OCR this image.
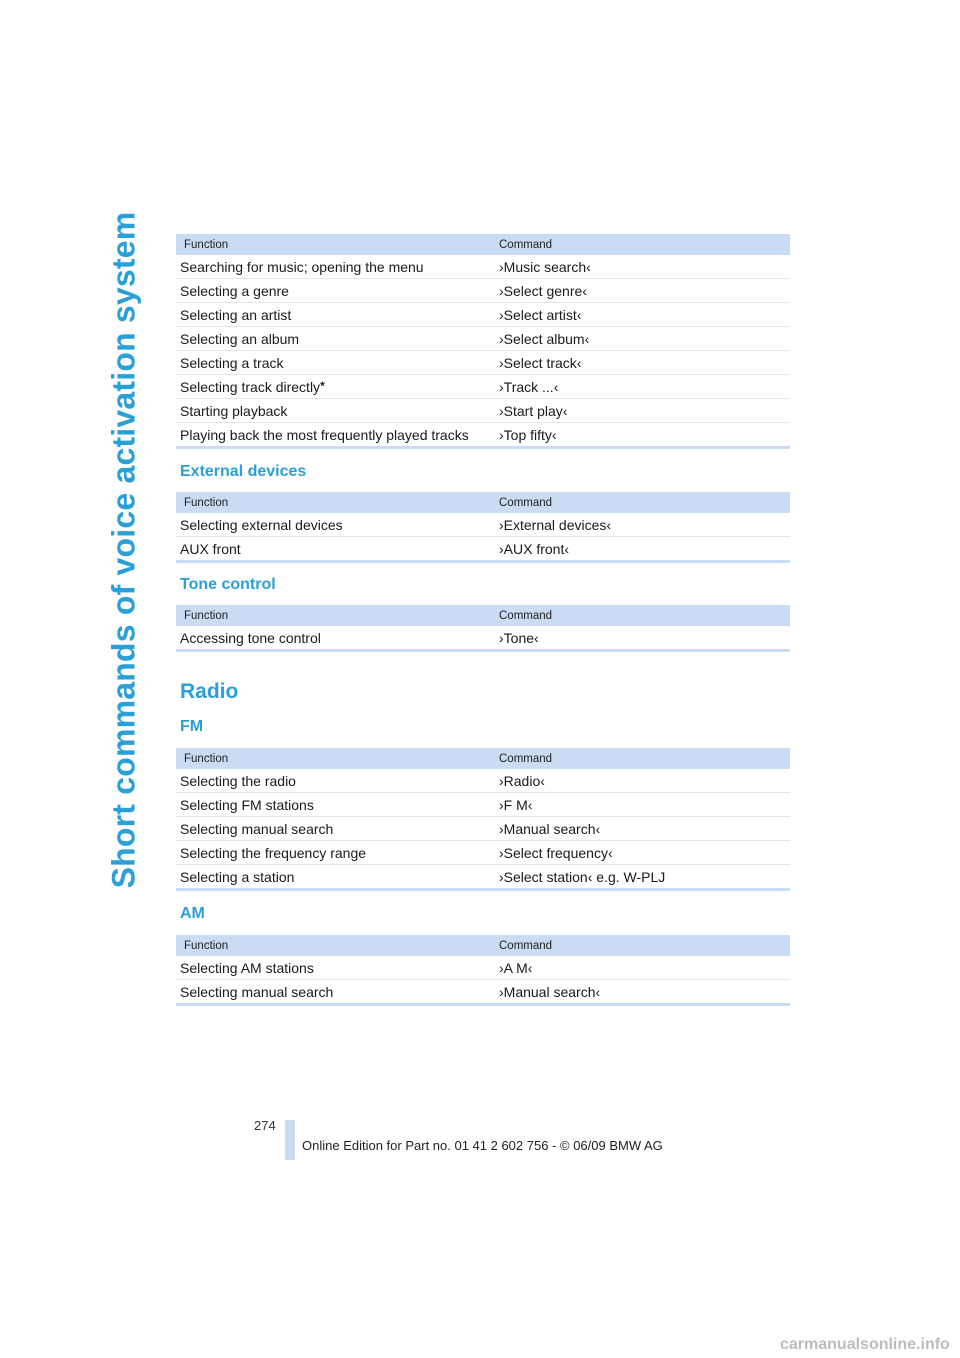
Short commands of voice activation system	Function	Command
Searching for music; opening the menu	›Music search‹
Selecting a genre	›Select genre‹
Selecting an artist	›Select artist‹
Selecting an album	›Select album‹
Selecting a track	›Select track‹
Selecting track directly*	›Track ...‹
Starting playback	›Start play‹
Playing back the most frequently played tracks	›Top fifty‹

External devices

Function	Command
Selecting external devices	›External devices‹
AUX front	›AUX front‹

Tone control

Function	Command
Accessing tone control	›Tone‹

Radio

FM

Function	Command
Selecting the radio	›Radio‹
Selecting FM stations	›F M‹
Selecting manual search	›Manual search‹
Selecting the frequency range	›Select frequency‹
Selecting a station	›Select station‹ e.g. W-PLJ

AM

Function	Command
Selecting AM stations	›A M‹
Selecting manual search	›Manual search‹
274
Online Edition for Part no. 01 41 2 602 756 - © 06/09 BMW AG
carmanualsonline.info
